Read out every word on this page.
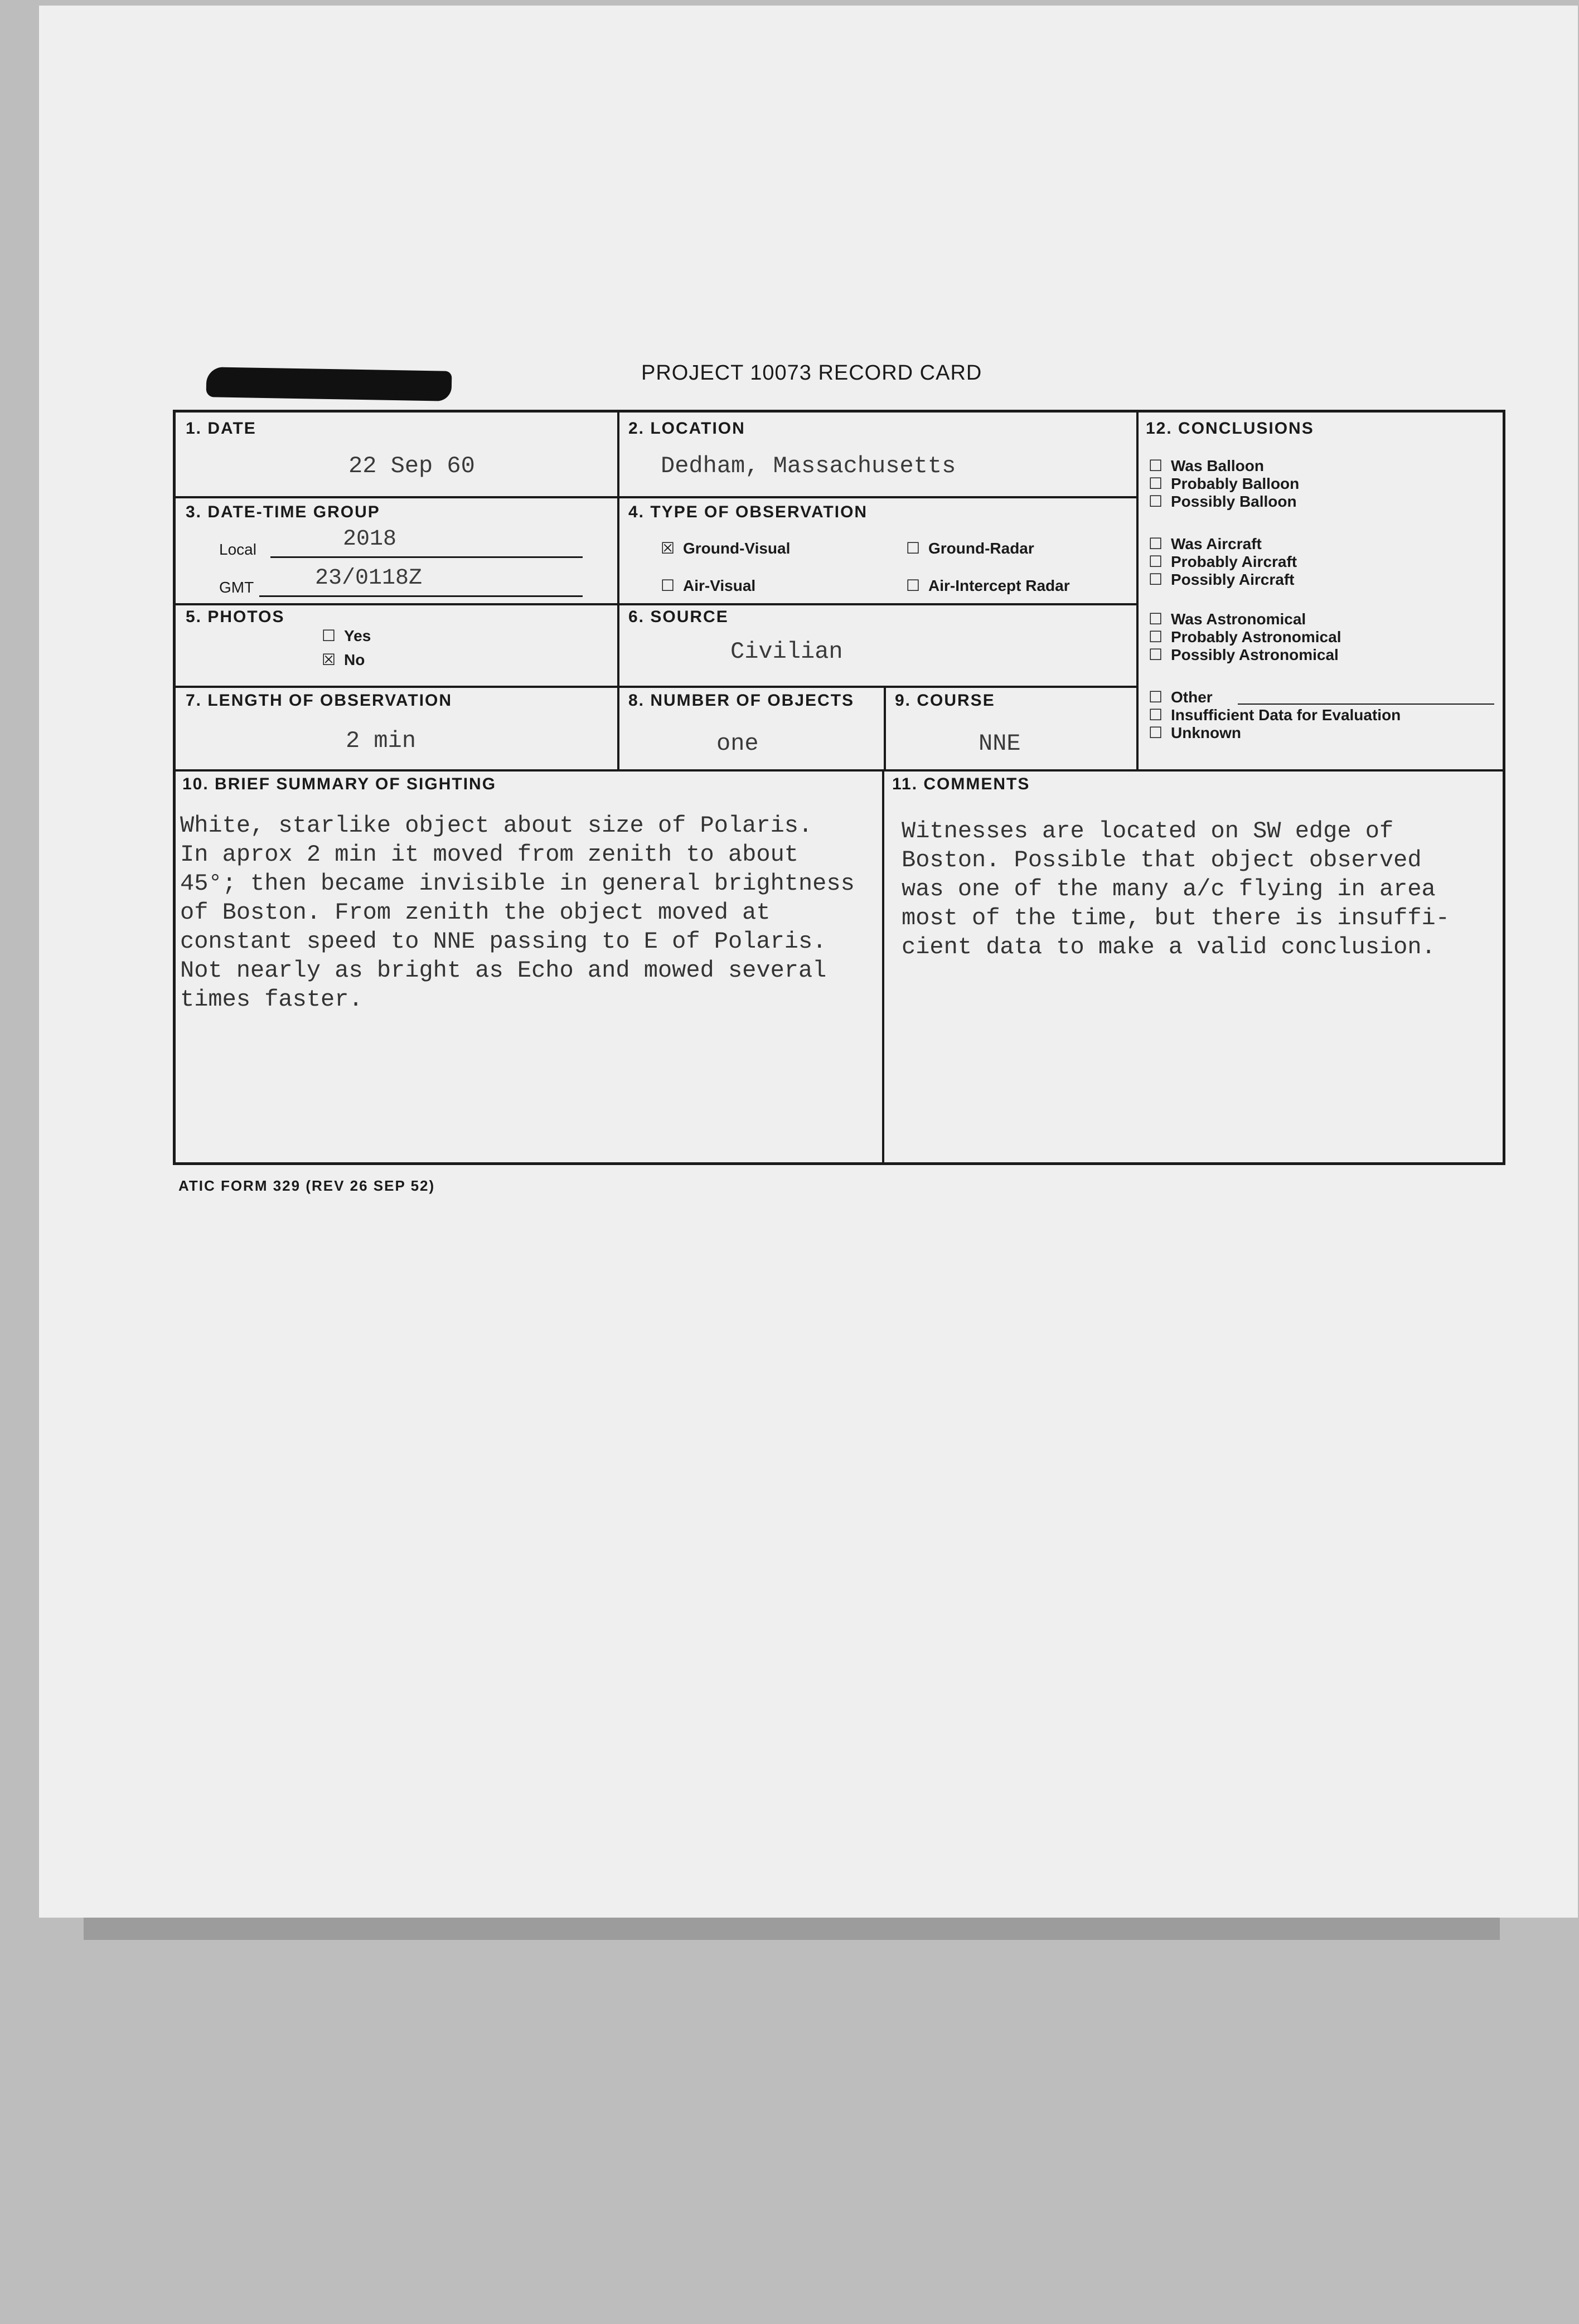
PROJECT 10073 RECORD CARD
1. DATE
22 Sep 60
2. LOCATION
Dedham, Massachusetts
3. DATE-TIME GROUP
Local	2018
GMT	23/0118Z
4. TYPE OF OBSERVATION
☒ Ground-Visual	☐ Ground-Radar
☐ Air-Visual	☐ Air-Intercept Radar
5. PHOTOS
☐ Yes
☒ No
6. SOURCE
Civilian
7. LENGTH OF OBSERVATION
2 min
8. NUMBER OF OBJECTS
one
9. COURSE
NNE
10. BRIEF SUMMARY OF SIGHTING
White, starlike object about size of Polaris.
In aprox 2 min it moved from zenith to about
45°; then became invisible in general brightness
of Boston. From zenith the object moved at
constant speed to NNE passing to E of Polaris.
Not nearly as bright as Echo and mowed several
times faster.
11. COMMENTS
Witnesses are located on SW edge of
Boston. Possible that object observed
was one of the many a/c flying in area
most of the time, but there is insuffi-
cient data to make a valid conclusion.
12. CONCLUSIONS
☐ Was Balloon
☐ Probably Balloon
☐ Possibly Balloon
☐ Was Aircraft
☐ Probably Aircraft
☐ Possibly Aircraft
☐ Was Astronomical
☐ Probably Astronomical
☐ Possibly Astronomical
☐ Other
☐ Insufficient Data for Evaluation
☐ Unknown
ATIC FORM 329 (REV 26 SEP 52)
